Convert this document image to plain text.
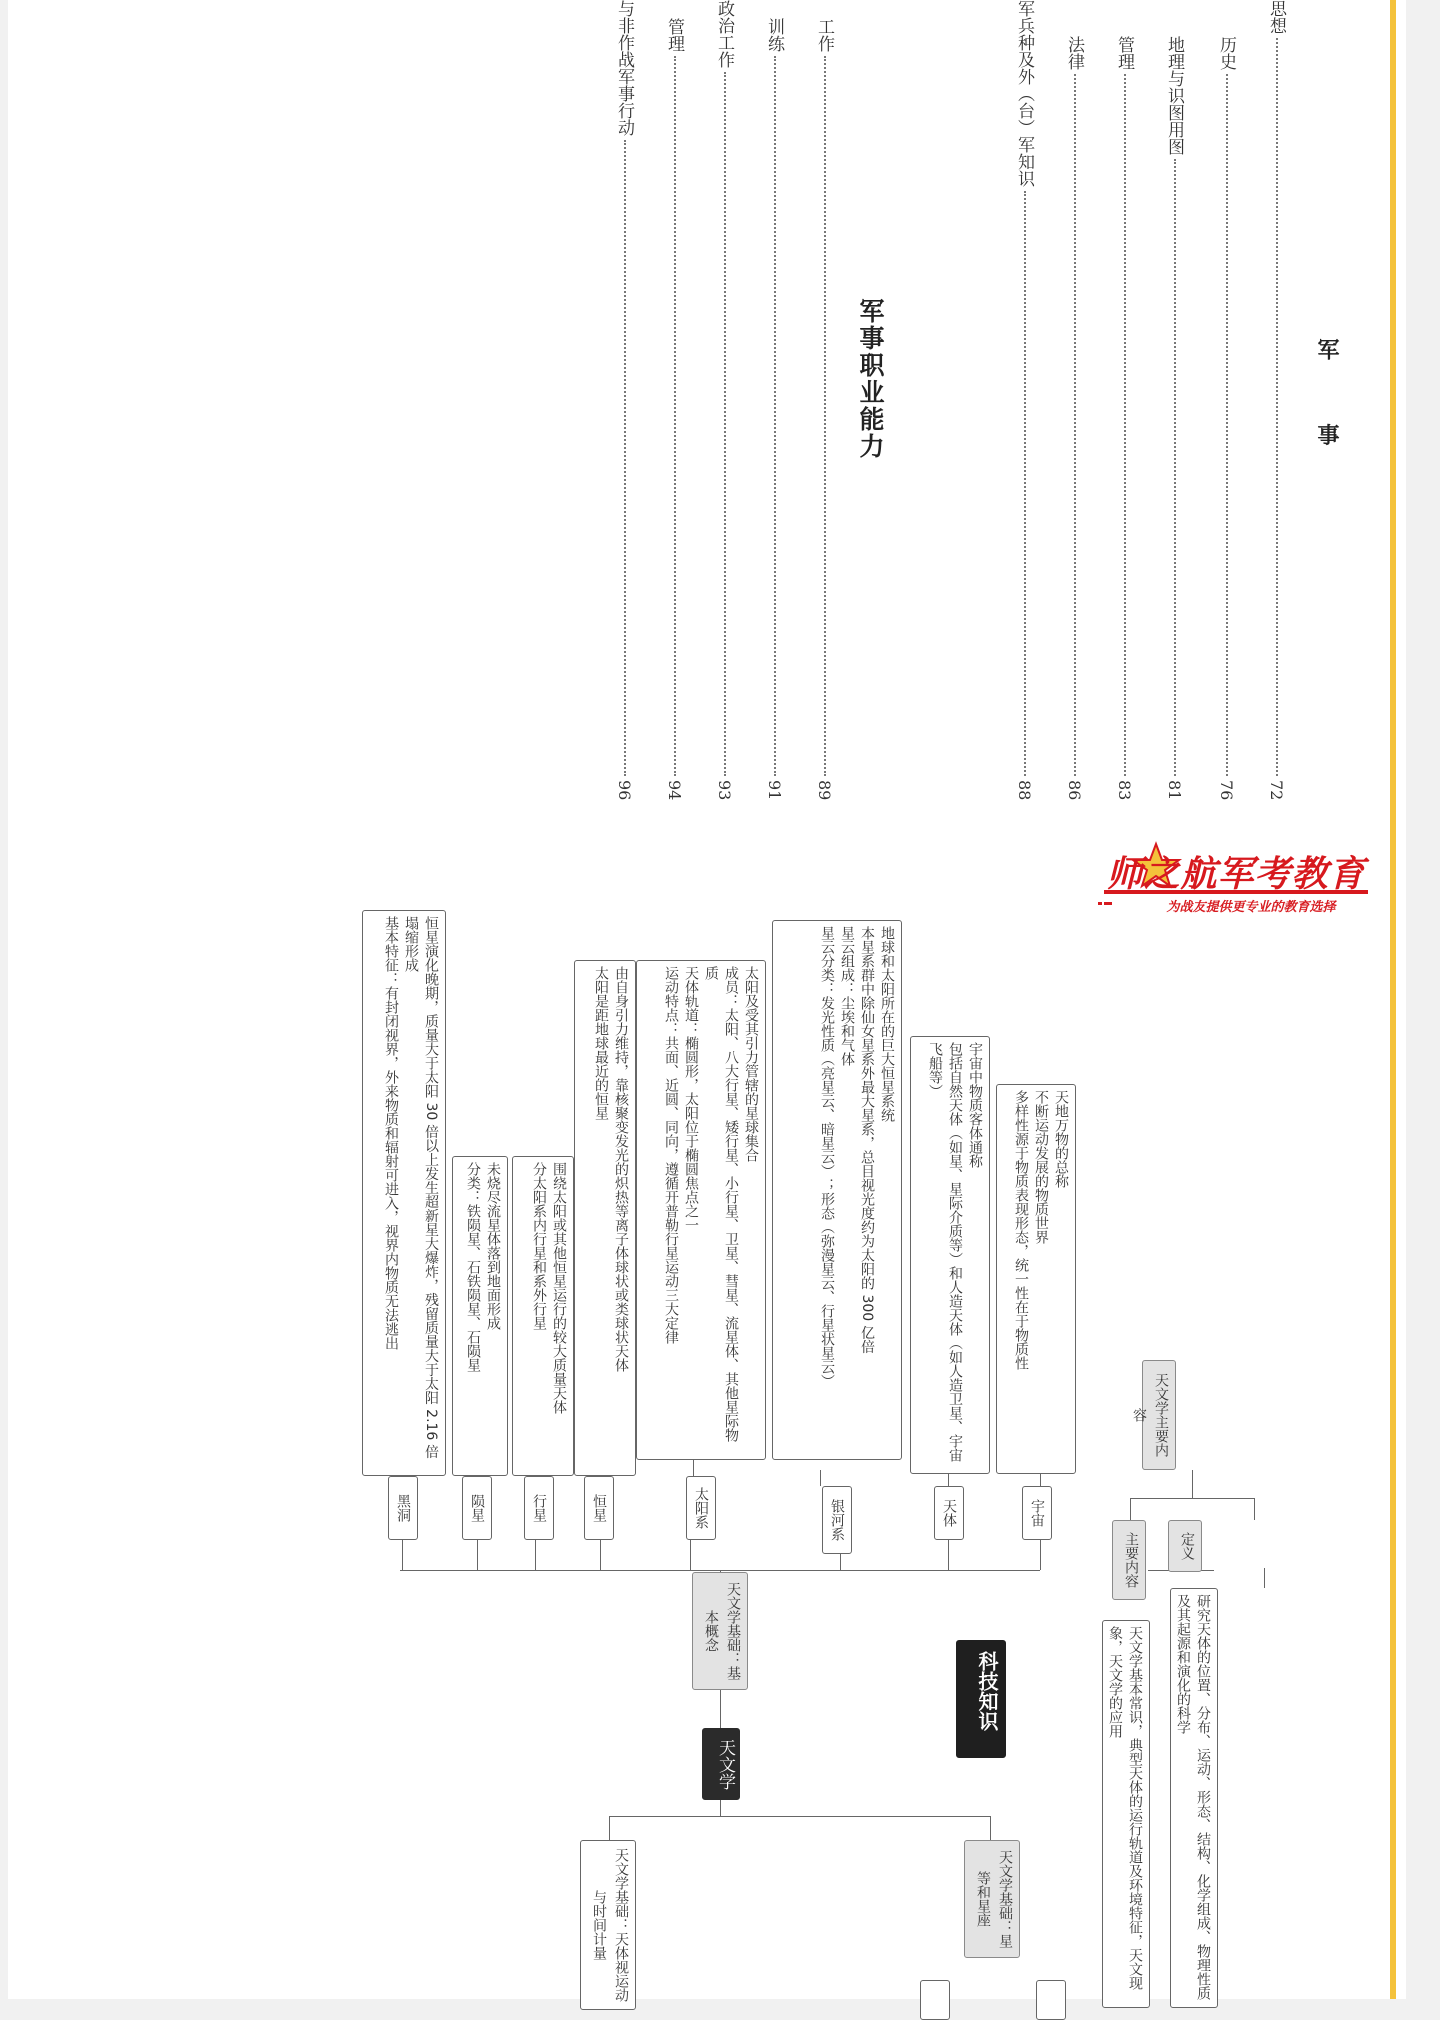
军 事
军事职业能力
思想
72
历史
76
地理与识图用图
81
管理
83
法律
86
军兵种及外（台）军知识
88
工作
89
训练
91
政治工作
93
管理
94
与非作战军事行动
96
师之航军考教育
为战友提供更专业的教育选择
科技知识
天文学主要内容
定义
主要内容
研究天体的位置、分布、运动、形态、结构、化学组成、物理性质及其起源和演化的科学
天文学基本常识，典型天体的运行轨道及环境特征，天文现象，天文学的应用
天文学
天文学基础：基本概念
天文学基础：星等和星座
天文学基础：天体视运动与时间计量
宇宙
天体
银河系
太阳系
恒星
行星
陨星
黑洞
天地万物的总称
不断运动发展的物质世界
多样性源于物质表现形态，统一性在于物质性
宇宙中物质客体通称
包括自然天体（如星、星际介质等）和人造天体（如人造卫星、宇宙飞船等）
地球和太阳所在的巨大恒星系统
本星系群中除仙女星系外最大星系，总目视光度约为太阳的 300 亿倍
星云组成：尘埃和气体
星云分类：发光性质（亮星云、暗星云）；形态（弥漫星云、行星状星云）
太阳及受其引力管辖的星球集合
成员：太阳、八大行星、矮行星、小行星、卫星、彗星、流星体、其他星际物质
天体轨道：椭圆形，太阳位于椭圆焦点之一
运动特点：共面、近圆、同向，遵循开普勒行星运动三大定律
由自身引力维持，靠核聚变发光的炽热等离子体球状或类球状天体
太阳是距地球最近的恒星
围绕太阳或其他恒星运行的较大质量天体
分太阳系内行星和系外行星
未烧尽流星体落到地面形成
分类：铁陨星、石铁陨星、石陨星
恒星演化晚期，质量大于太阳 30 倍以上发生超新星大爆炸，残留质量大于太阳 2.16 倍塌缩形成
基本特征：有封闭视界，外来物质和辐射可进入，视界内物质无法逃出
